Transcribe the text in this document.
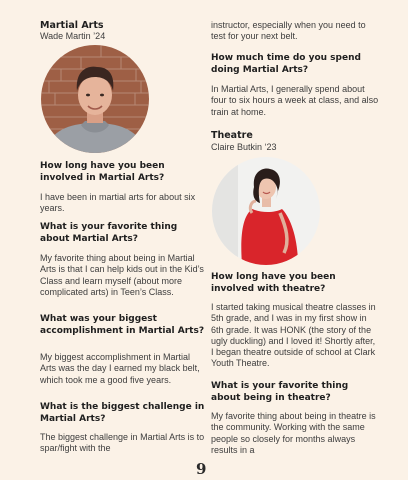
Martial Arts
Wade Martin ’24
How long have you been involved in Martial Arts?
I have been in martial arts for about six years.
What is your favorite thing about Martial Arts?
My favorite thing about being in Martial Arts is that I can help kids out in the Kid’s Class and learn myself (about more complicated arts) in Teen’s Class.
What was your biggest accomplishment in Martial Arts?
My biggest accomplishment in Martial Arts was the day I earned my black belt, which took me a good five years.
What is the biggest challenge in Martial Arts?
The biggest challenge in Martial Arts is to spar/fight with the
instructor, especially when you need to test for your next belt.
How much time do you spend doing Martial Arts?
In Martial Arts, I generally spend about four to six hours a week at class, and also train at home.
Theatre
Claire Butkin ‘23
How long have you been involved with theatre?
I started taking musical theatre classes in 5th grade, and I was in my first show in 6th grade. It was HONK (the story of the ugly duckling) and I loved it! Shortly after, I began theatre outside of school at Clark Youth Theatre.
What is your favorite thing about being in theatre?
My favorite thing about being in theatre is the community. Working with the same people so closely for months always results in a
9
